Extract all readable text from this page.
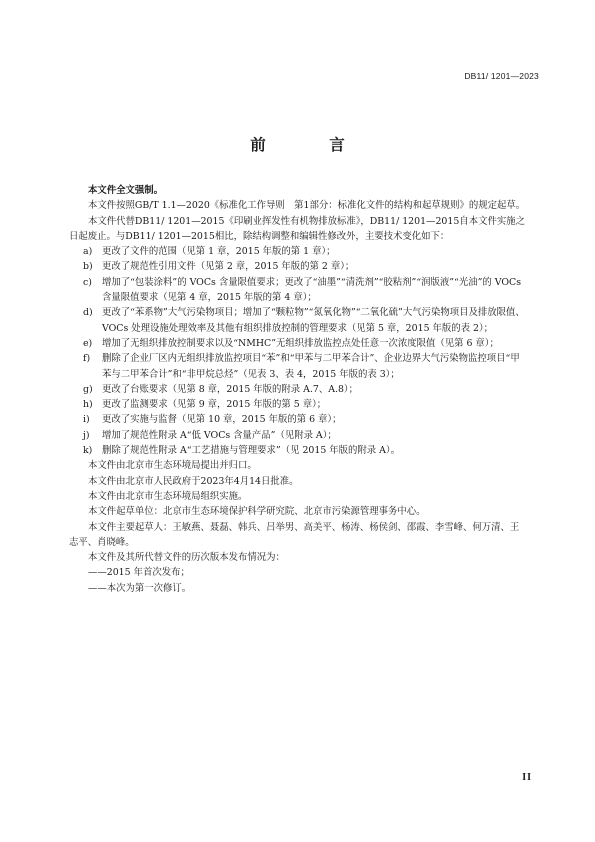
DB11/ 1201—2023
前　言

本文件全文强制。

本文件按照GB/T 1.1—2020《标准化工作导则　第1部分：标准化文件的结构和起草规则》的规定起草。

本文件代替DB11/ 1201—2015《印刷业挥发性有机物排放标准》，DB11/ 1201—2015自本文件实施之日起废止。与DB11/ 1201—2015相比，除结构调整和编辑性修改外，主要技术变化如下：

a)	更改了文件的范围（见第 1 章，2015 年版的第 1 章）；
b) 更改了规范性引用文件（见第 2 章，2015 年版的第 2 章）；
c)	增加了“包装涂料”的 VOCs 含量限值要求；更改了“油墨”“清洗剂”“胶粘剂”“润版液”“光油”的 VOCs 含量限值要求（见第 4 章，2015 年版的第 4 章）；
d) 更改了“苯系物”大气污染物项目；增加了“颗粒物”“氮氧化物”“二氧化硫”大气污染物项目及排放限值、VOCs 处理设施处理效率及其他有组织排放控制的管理要求（见第 5 章，2015 年版的表 2）；
e)	增加了无组织排放控制要求以及“NMHC”无组织排放监控点处任意一次浓度限值（见第 6 章）；
f)	删除了企业厂区内无组织排放监控项目“苯”和“甲苯与二甲苯合计”、企业边界大气污染物监控项目“甲苯与二甲苯合计”和“非甲烷总烃”（见表 3、表 4，2015 年版的表 3）；
g) 更改了台账要求（见第 8 章，2015 年版的附录 A.7、A.8）；
h) 更改了监测要求（见第 9 章，2015 年版的第 5 章）；
i)	更改了实施与监督（见第 10 章，2015 年版的第 6 章）；
j)	增加了规范性附录 A“低 VOCs 含量产品”（见附录 A）；
k)	删除了规范性附录 A“工艺措施与管理要求”（见 2015 年版的附录 A）。

本文件由北京市生态环境局提出并归口。

本文件由北京市人民政府于2023年4月14日批准。

本文件由北京市生态环境局组织实施。

本文件起草单位：北京市生态环境保护科学研究院、北京市污染源管理事务中心。

本文件主要起草人：王敏燕、聂磊、韩兵、吕举男、高美平、杨涛、杨侯剑、邵霞、李雪峰、何万清、王志平、肖晓峰。

本文件及其所代替文件的历次版本发布情况为：

——2015 年首次发布；

——本次为第一次修订。

II
